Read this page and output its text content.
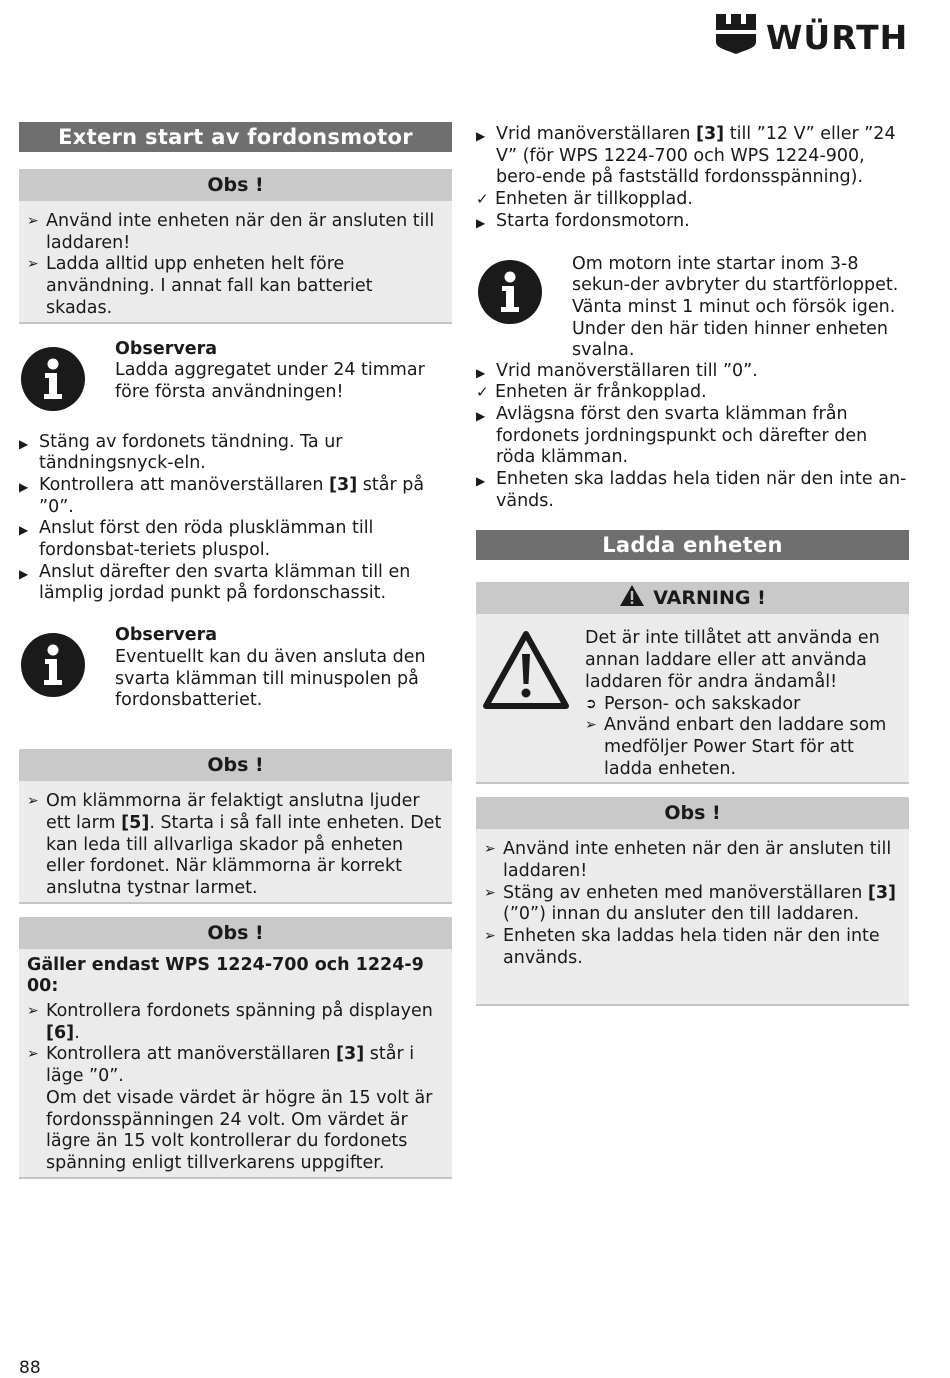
WÜRTH
Extern start av fordonsmotor
Obs !
➢ Använd inte enheten när den är ansluten till laddaren!
➢ Ladda alltid upp enheten helt före användning. I annat fall kan batteriet skadas.
Observera
Ladda aggregatet under 24 timmar före första användningen!
▶ Stäng av fordonets tändning. Ta ur tändningsnyck-eln.
▶ Kontrollera att manöverställaren [3] står på ”0”.
▶ Anslut först den röda plusklämman till fordonsbat-teriets pluspol.
▶ Anslut därefter den svarta klämman till en lämplig jordad punkt på fordonschassit.
Observera
Eventuellt kan du även ansluta den svarta klämman till minuspolen på fordonsbatteriet.
Obs !
➢ Om klämmorna är felaktigt anslutna ljuder ett larm [5]. Starta i så fall inte enheten. Det kan leda till allvarliga skador på enheten eller fordonet. När klämmorna är korrekt anslutna tystnar larmet.
Obs !
Gäller endast WPS 1224-700 och 1224-9 00:
➢ Kontrollera fordonets spänning på displayen [6].
➢ Kontrollera att manöverställaren [3] står i läge ”0”.
Om det visade värdet är högre än 15 volt är fordonsspänningen 24 volt. Om värdet är lägre än 15 volt kontrollerar du fordonets spänning enligt tillverkarens uppgifter.
▶ Vrid manöverställaren [3] till ”12 V” eller ”24 V” (för WPS 1224-700 och WPS 1224-900, bero-ende på fastställd fordonsspänning).
✓ Enheten är tillkopplad.
▶ Starta fordonsmotorn.
Om motorn inte startar inom 3-8 sekun-der avbryter du startförloppet. Vänta minst 1 minut och försök igen. Under den här tiden hinner enheten svalna.
▶ Vrid manöverställaren till ”0”.
✓ Enheten är frånkopplad.
▶ Avlägsna först den svarta klämman från fordonets jordningspunkt och därefter den röda klämman.
▶ Enheten ska laddas hela tiden när den inte an-vänds.
Ladda enheten
VARNING !
Det är inte tillåtet att använda en annan laddare eller att använda laddaren för andra ändamål!
➲ Person- och sakskador
➢ Använd enbart den laddare som medföljer Power Start för att ladda enheten.
Obs !
➢ Använd inte enheten när den är ansluten till laddaren!
➢ Stäng av enheten med manöverställaren [3] (”0”) innan du ansluter den till laddaren.
➢ Enheten ska laddas hela tiden när den inte används.
88
